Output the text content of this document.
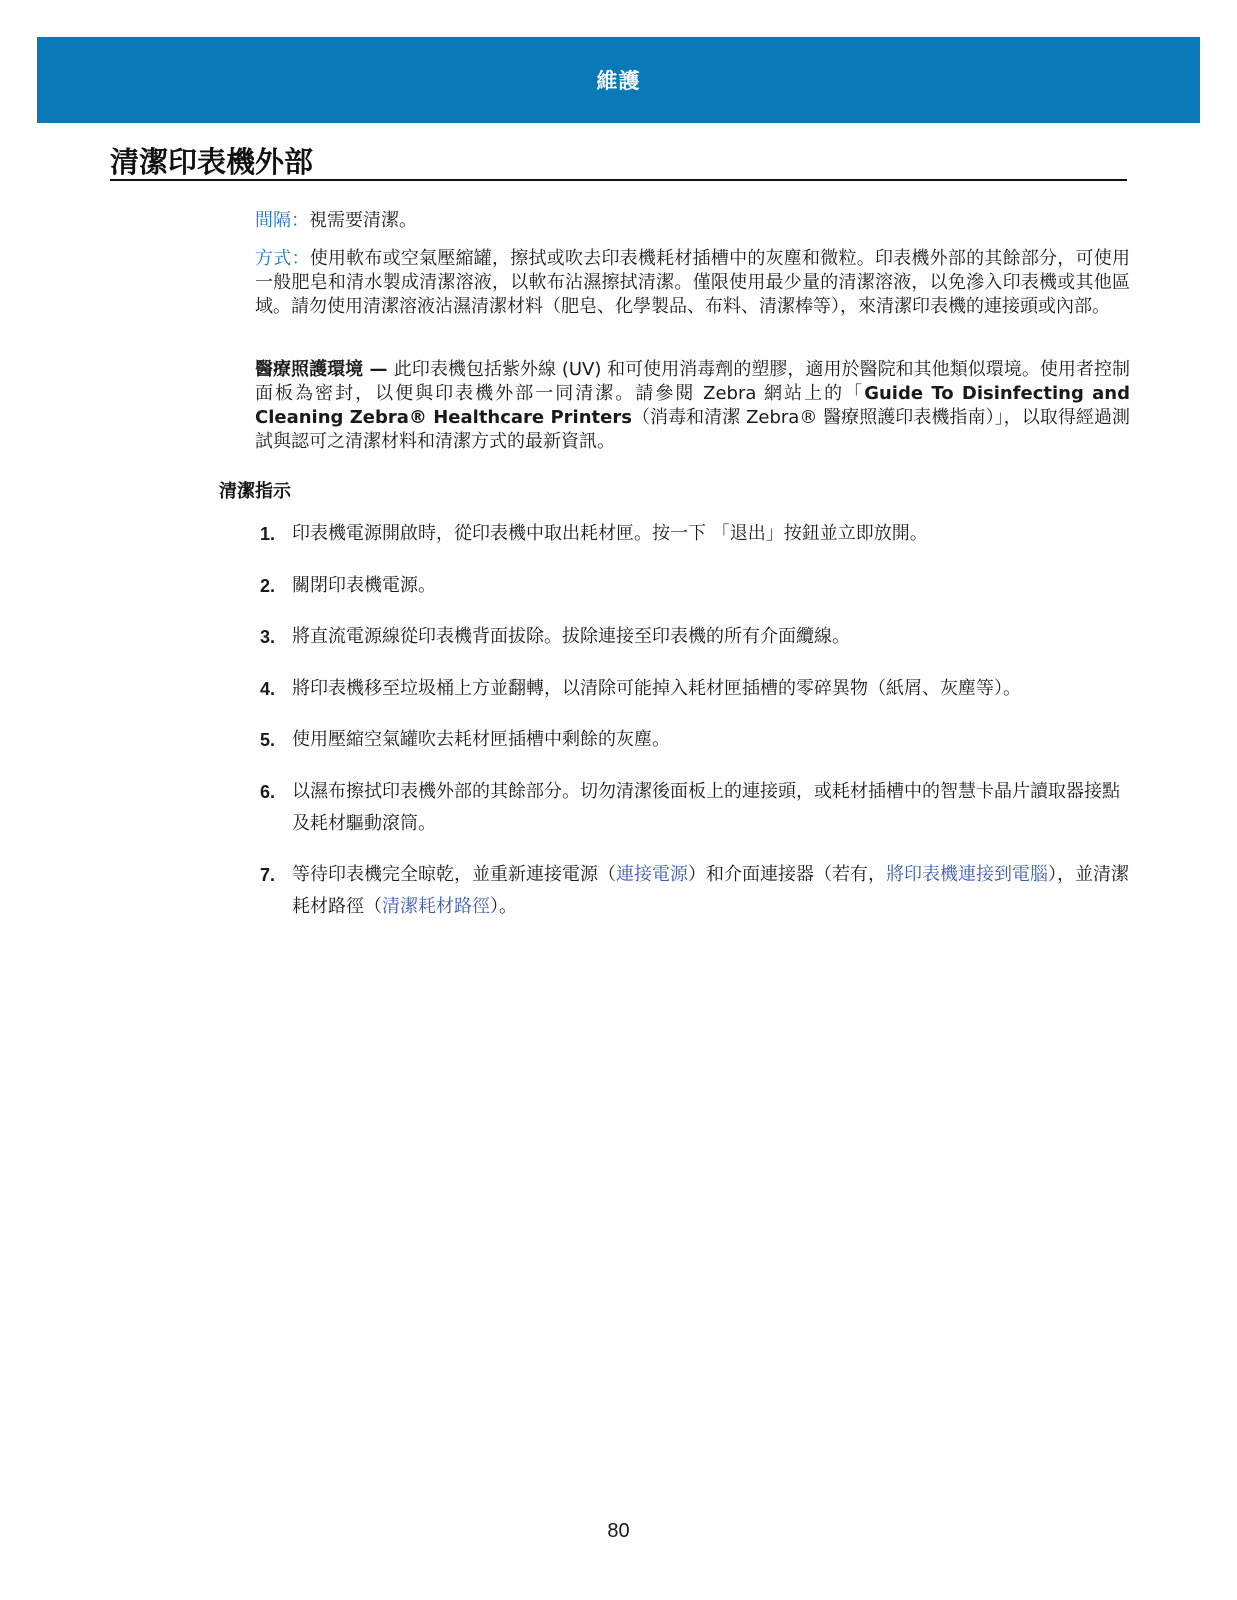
維護
清潔印表機外部

間隔：視需要清潔。

方式：使用軟布或空氣壓縮罐，擦拭或吹去印表機耗材插槽中的灰塵和微粒。印表機外部的其餘部分，可使用一般肥皂和清水製成清潔溶液，以軟布沾濕擦拭清潔。僅限使用最少量的清潔溶液，以免滲入印表機或其他區域。請勿使用清潔溶液沾濕清潔材料（肥皂、化學製品、布料、清潔棒等），來清潔印表機的連接頭或內部。

醫療照護環境 — 此印表機包括紫外線 (UV) 和可使用消毒劑的塑膠，適用於醫院和其他類似環境。使用者控制面板為密封，以便與印表機外部一同清潔。請參閱 Zebra 網站上的「Guide To Disinfecting and Cleaning Zebra® Healthcare Printers（消毒和清潔 Zebra® 醫療照護印表機指南）」，以取得經過測試與認可之清潔材料和清潔方式的最新資訊。

清潔指示
1. 印表機電源開啟時，從印表機中取出耗材匣。按一下 「退出」按鈕並立即放開。
2. 關閉印表機電源。
3. 將直流電源線從印表機背面拔除。拔除連接至印表機的所有介面纜線。
4. 將印表機移至垃圾桶上方並翻轉，以清除可能掉入耗材匣插槽的零碎異物（紙屑、灰塵等）。
5. 使用壓縮空氣罐吹去耗材匣插槽中剩餘的灰塵。
6. 以濕布擦拭印表機外部的其餘部分。切勿清潔後面板上的連接頭，或耗材插槽中的智慧卡晶片讀取器接點及耗材驅動滾筒。
7. 等待印表機完全晾乾，並重新連接電源（連接電源）和介面連接器（若有，將印表機連接到電腦），並清潔耗材路徑（清潔耗材路徑）。
80
